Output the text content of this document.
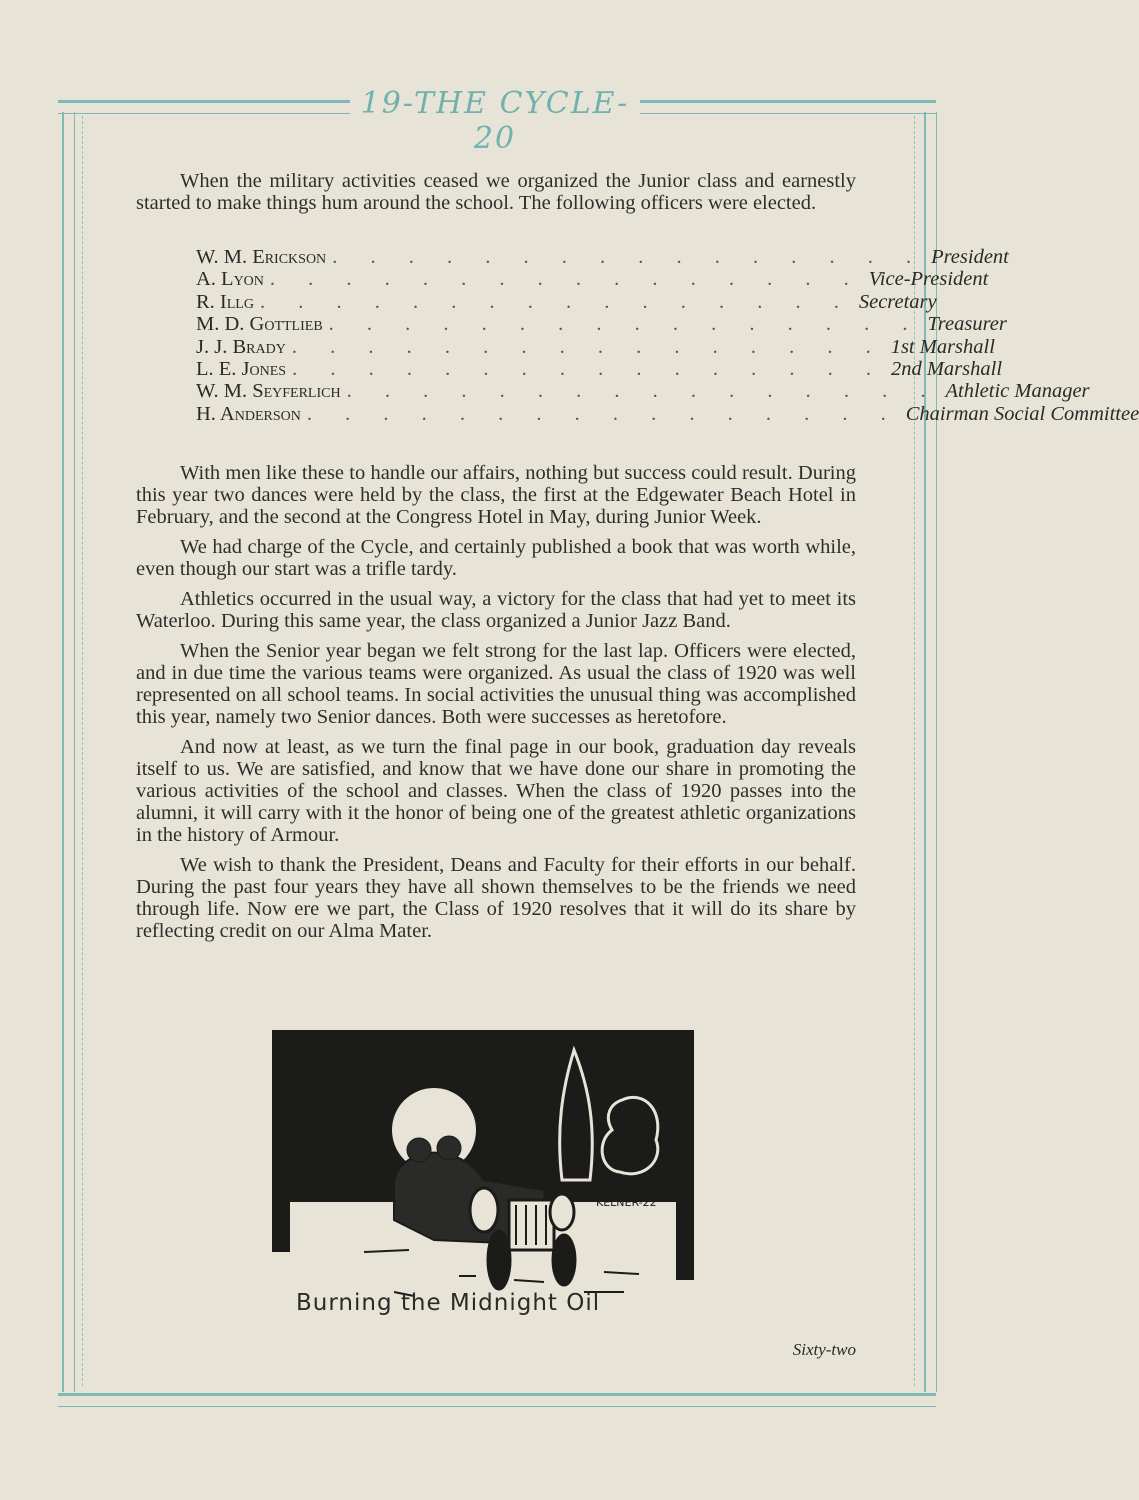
19-THE CYCLE-20

When the military activities ceased we organized the Junior class and earnestly started to make things hum around the school. The following officers were elected.

W. M. Erickson . . . . . . . . . . . . . . . . President
A. Lyon . . . . . . . . . . . . . . . . Vice-President
R. Illg . . . . . . . . . . . . . . . . Secretary
M. D. Gottlieb . . . . . . . . . . . . . . . . Treasurer
J. J. Brady . . . . . . . . . . . . . . . . 1st Marshall
L. E. Jones . . . . . . . . . . . . . . . . 2nd Marshall
W. M. Seyferlich . . . . . . . . . . . . . . . . Athletic Manager
H. Anderson . . . . . . . . . . . . . . . . Chairman Social Committee

With men like these to handle our affairs, nothing but success could result. During this year two dances were held by the class, the first at the Edgewater Beach Hotel in February, and the second at the Congress Hotel in May, during Junior Week.

We had charge of the Cycle, and certainly published a book that was worth while, even though our start was a trifle tardy.

Athletics occurred in the usual way, a victory for the class that had yet to meet its Waterloo. During this same year, the class organized a Junior Jazz Band.

When the Senior year began we felt strong for the last lap. Officers were elected, and in due time the various teams were organized. As usual the class of 1920 was well represented on all school teams. In social activities the unusual thing was accomplished this year, namely two Senior dances. Both were successes as heretofore.

And now at least, as we turn the final page in our book, graduation day reveals itself to us. We are satisfied, and know that we have done our share in promoting the various activities of the school and classes. When the class of 1920 passes into the alumni, it will carry with it the honor of being one of the greatest athletic organizations in the history of Armour.

We wish to thank the President, Deans and Faculty for their efforts in our behalf. During the past four years they have all shown themselves to be the friends we need through life. Now ere we part, the Class of 1920 resolves that it will do its share by reflecting credit on our Alma Mater.

KELNER-22
Burning the Midnight Oil
Sixty-two
